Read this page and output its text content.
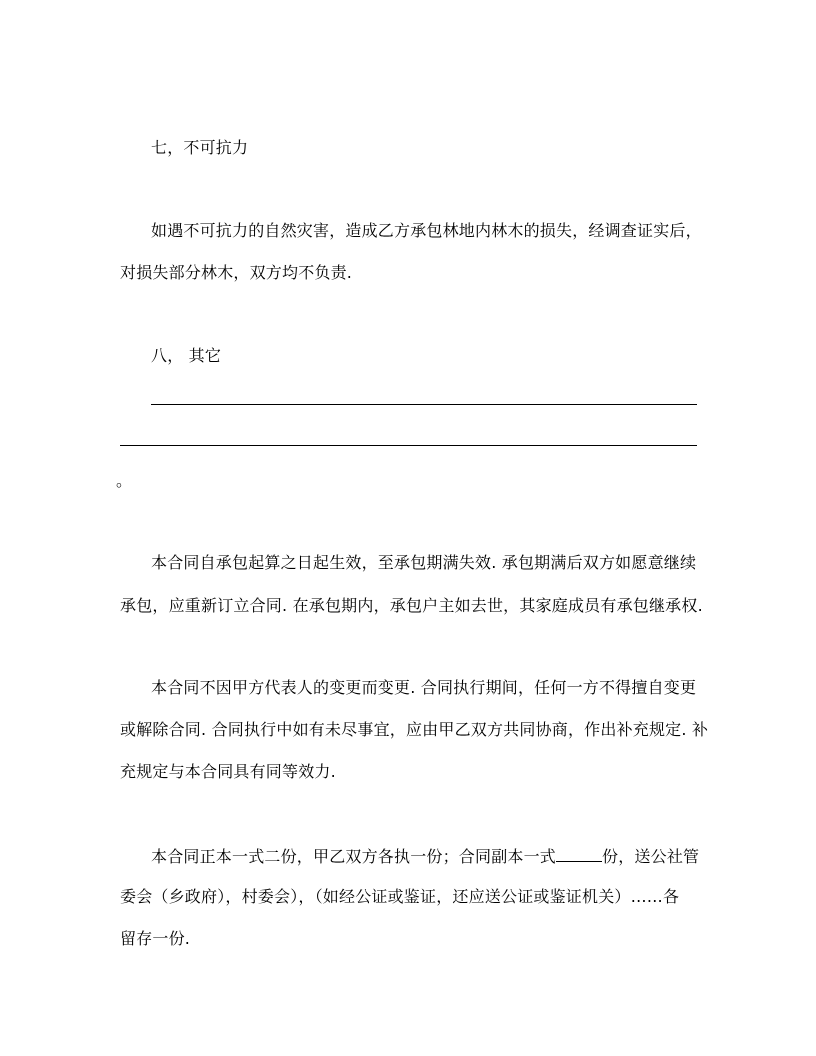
七，不可抗力
如遇不可抗力的自然灾害，造成乙方承包林地内林木的损失，经调查证实后，
对损失部分林木，双方均不负责.
八， 其它
。
本合同自承包起算之日起生效，至承包期满失效. 承包期满后双方如愿意继续
承包，应重新订立合同. 在承包期内，承包户主如去世，其家庭成员有承包继承权.
本合同不因甲方代表人的变更而变更. 合同执行期间，任何一方不得擅自变更
或解除合同. 合同执行中如有未尽事宜，应由甲乙双方共同协商，作出补充规定. 补
充规定与本合同具有同等效力.
本合同正本一式二份，甲乙双方各执一份；合同副本一式	份，送公社管
委会（乡政府），村委会），（如经公证或鉴证，还应送公证或鉴证机关）……各
留存一份.
